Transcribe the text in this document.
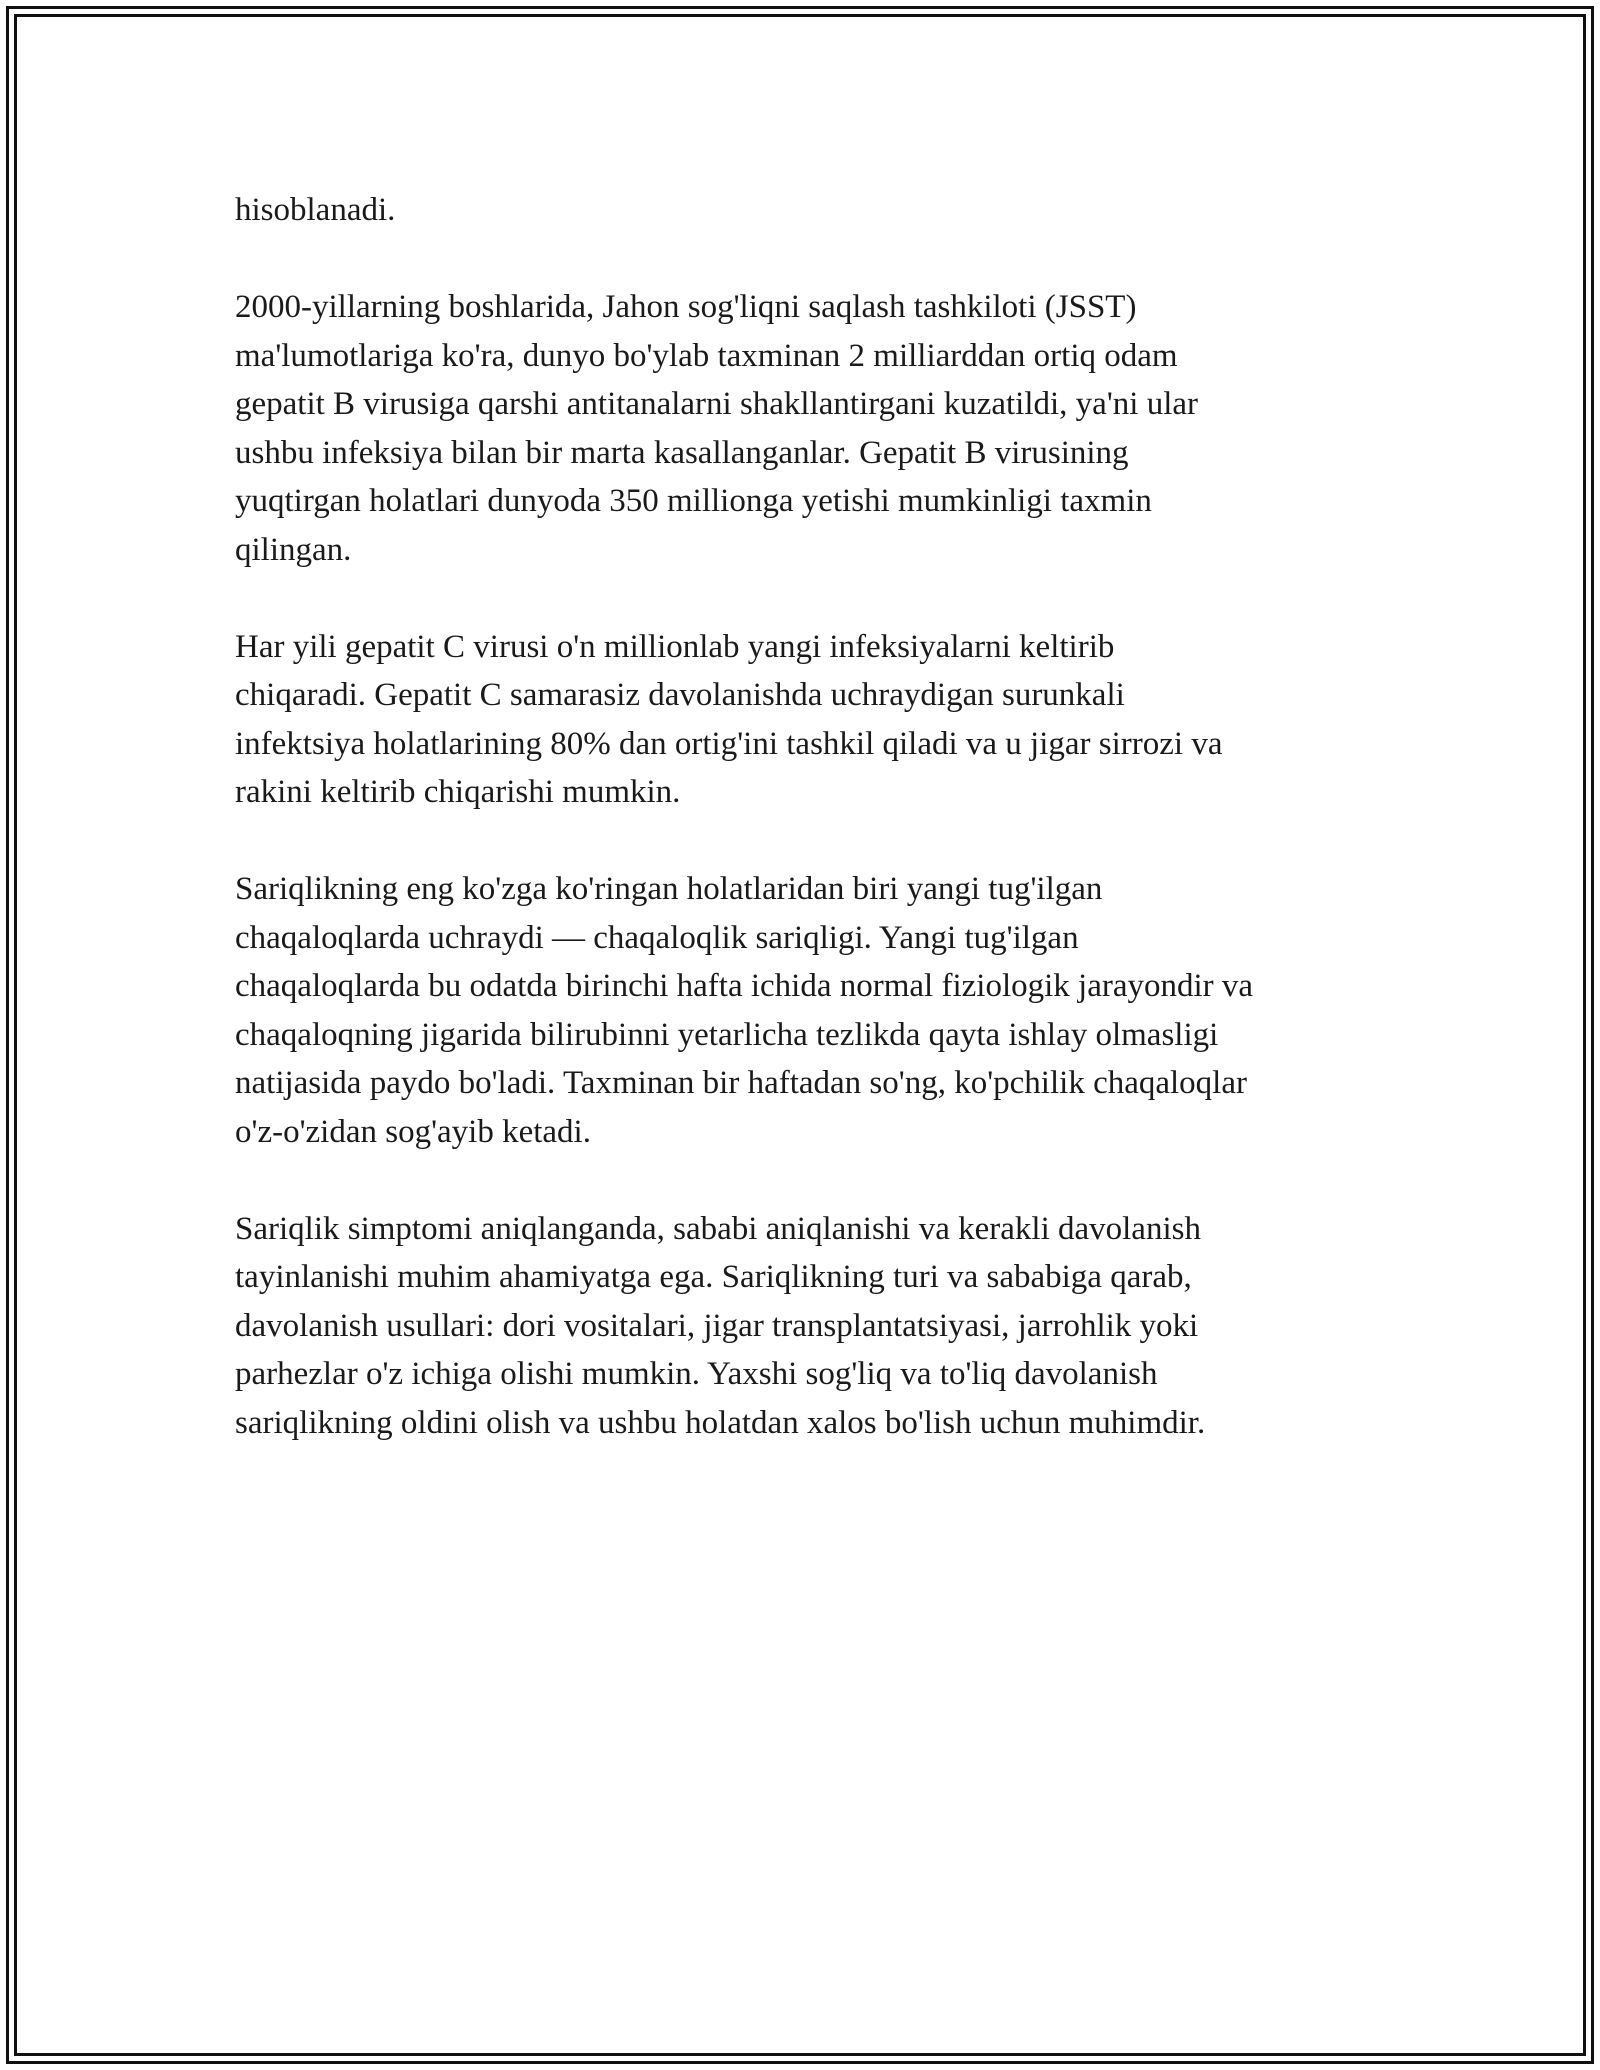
hisoblanadi.

2000-yillarning boshlarida, Jahon sog'liqni saqlash tashkiloti (JSST)
ma'lumotlariga ko'ra, dunyo bo'ylab taxminan 2 milliarddan ortiq odam
gepatit B virusiga qarshi antitanalarni shakllantirgani kuzatildi, ya'ni ular
ushbu infeksiya bilan bir marta kasallanganlar. Gepatit B virusining
yuqtirgan holatlari dunyoda 350 millionga yetishi mumkinligi taxmin
qilingan.

Har yili gepatit C virusi o'n millionlab yangi infeksiyalarni keltirib
chiqaradi. Gepatit C samarasiz davolanishda uchraydigan surunkali
infektsiya holatlarining 80% dan ortig'ini tashkil qiladi va u jigar sirrozi va
rakini keltirib chiqarishi mumkin.

Sariqlikning eng ko'zga ko'ringan holatlaridan biri yangi tug'ilgan
chaqaloqlarda uchraydi — chaqaloqlik sariqligi. Yangi tug'ilgan
chaqaloqlarda bu odatda birinchi hafta ichida normal fiziologik jarayondir va
chaqaloqning jigarida bilirubinni yetarlicha tezlikda qayta ishlay olmasligi
natijasida paydo bo'ladi. Taxminan bir haftadan so'ng, ko'pchilik chaqaloqlar
o'z-o'zidan sog'ayib ketadi.

Sariqlik simptomi aniqlanganda, sababi aniqlanishi va kerakli davolanish
tayinlanishi muhim ahamiyatga ega. Sariqlikning turi va sababiga qarab,
davolanish usullari: dori vositalari, jigar transplantatsiyasi, jarrohlik yoki
parhezlar o'z ichiga olishi mumkin. Yaxshi sog'liq va to'liq davolanish
sariqlikning oldini olish va ushbu holatdan xalos bo'lish uchun muhimdir.
